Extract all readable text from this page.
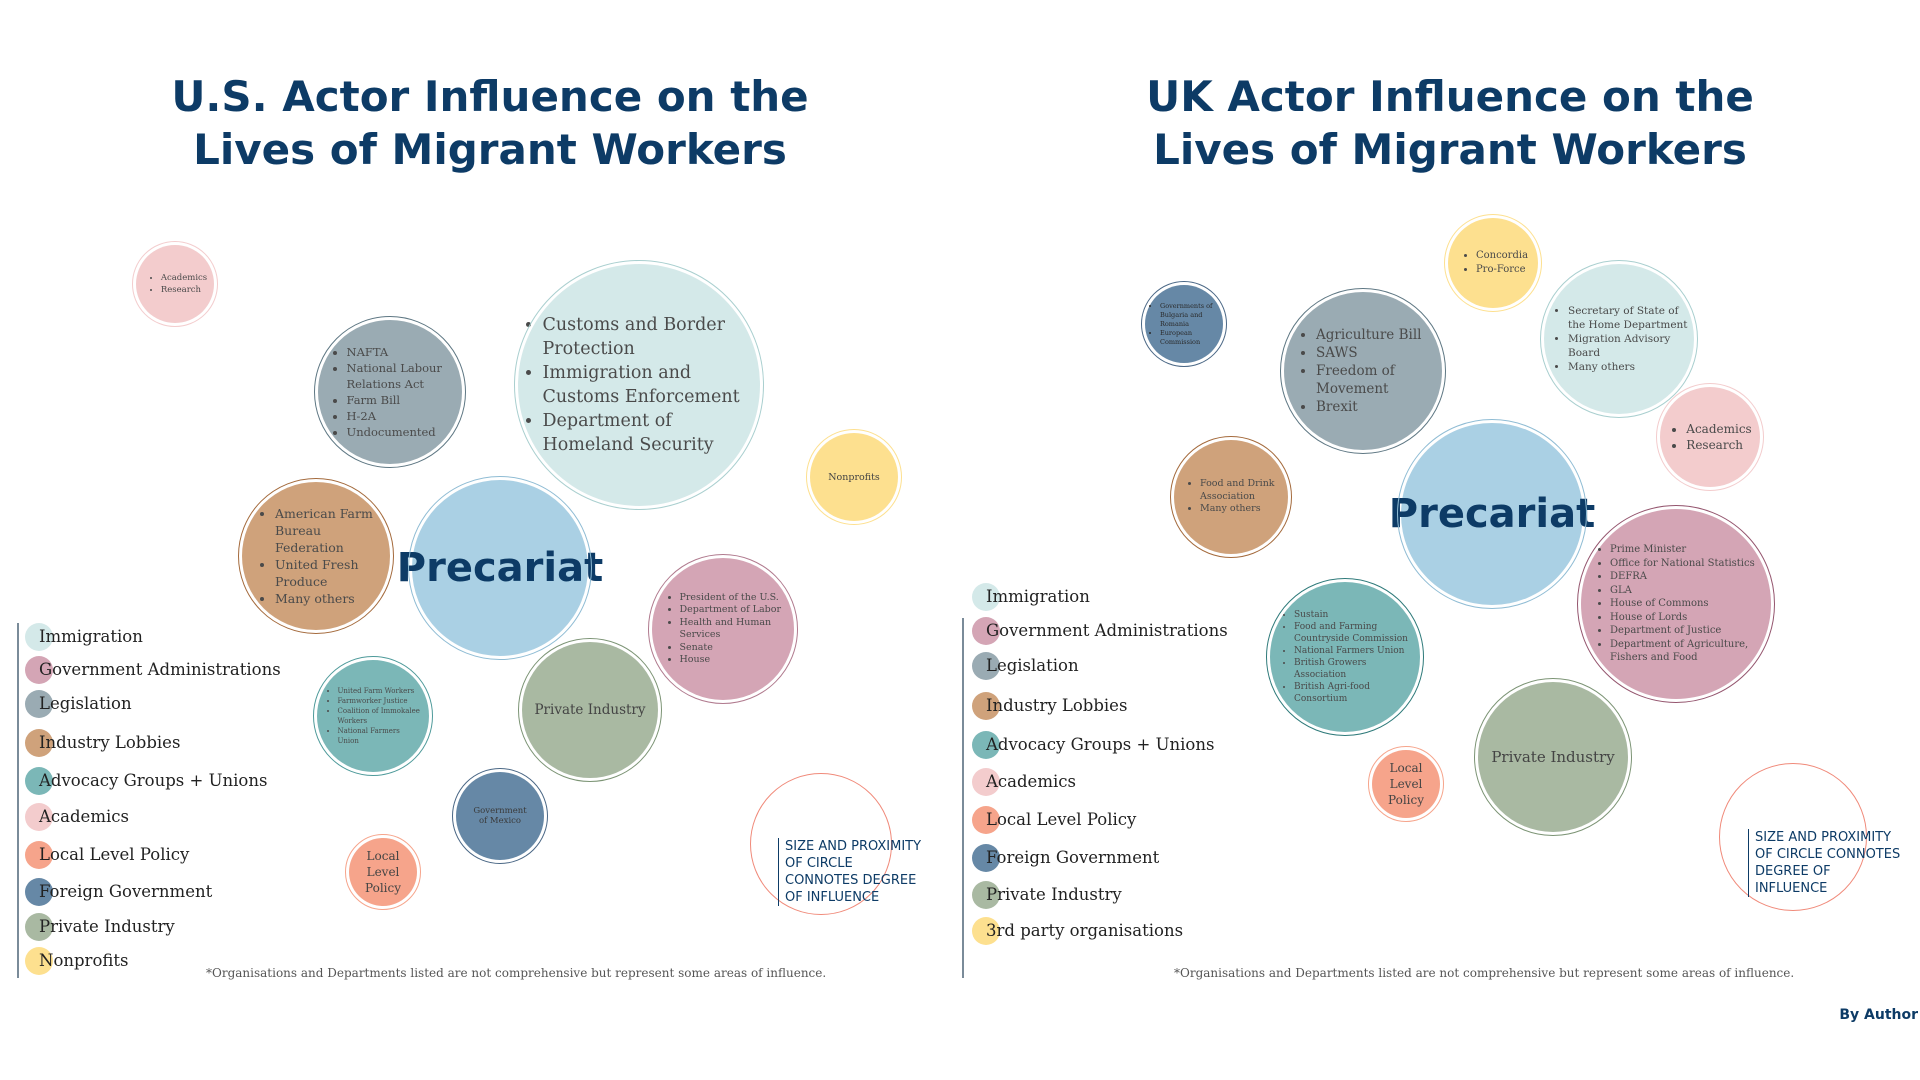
U.S. Actor Influence on the Lives of Migrant Workers
• Academics
• Research
• NAFTA
• National Labour Relations Act
• Farm Bill
• H-2A
• Undocumented
• Customs and Border Protection
• Immigration and Customs Enforcement
• Department of Homeland Security
Nonprofits
• American Farm Bureau Federation
• United Fresh Produce
• Many others
Precariat
• President of the U.S.
• Department of Labor
• Health and Human Services
• Senate
• House
• United Farm Workers
• Farmworker Justice
• Coalition of Immokalee Workers
• National Farmers Union
Private Industry
Government of Mexico
Local Level Policy
SIZE AND PROXIMITY OF CIRCLE CONNOTES DEGREE OF INFLUENCE
Immigration
Government Administrations
Legislation
Industry Lobbies
Advocacy Groups + Unions
Academics
Local Level Policy
Foreign Government
Private Industry
Nonprofits
*Organisations and Departments listed are not comprehensive but represent some areas of influence.
UK Actor Influence on the Lives of Migrant Workers
• Concordia
• Pro-Force
• Governments of Bulgaria and Romania
• European Commission
•	Agriculture Bill
• SAWS
• Freedom of Movement
• Brexit
• Secretary of State of the Home Department
• Migration Advisory Board
• Many others
• Academics
• Research
• Food and Drink Association
• Many others	Precariat
• Prime Minister
• Office for National Statistics
• DEFRA
• GLA
• House of Commons
• House of Lords
• Department of Justice
• Department of Agriculture, Fishers and Food
• Sustain
• Food and Farming Countryside Commission
• National Farmers Union
• British Growers Association
• British Agri-food Consortium
Local Level Policy
Private Industry
SIZE AND PROXIMITY OF CIRCLE CONNOTES DEGREE OF INFLUENCE
Immigration
Government Administrations
Legislation
Industry Lobbies
Advocacy Groups + Unions
Academics
Local Level Policy
Foreign Government
Private Industry
3rd party organisations
*Organisations and Departments listed are not comprehensive but represent some areas of influence.
By Author
